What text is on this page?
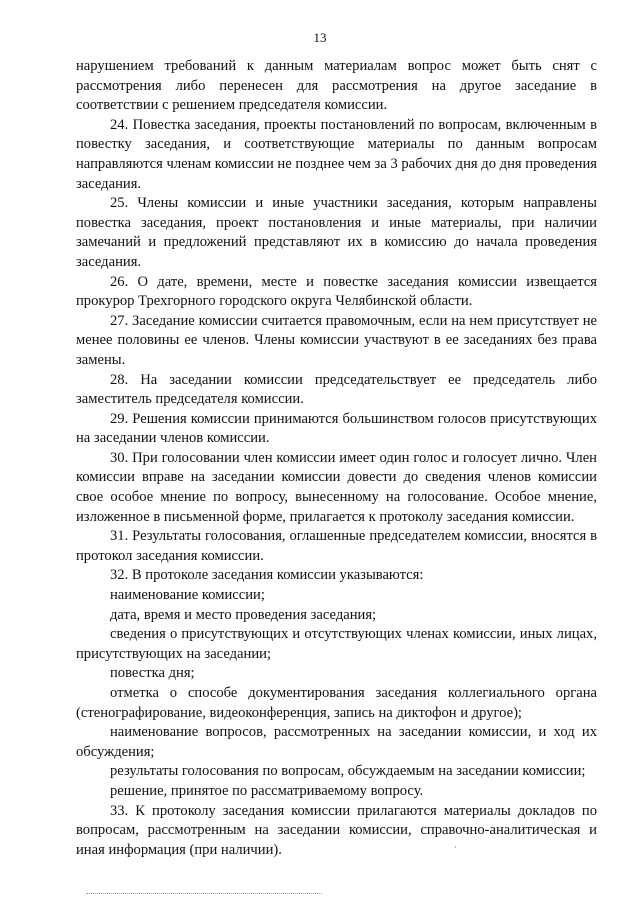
13

нарушением требований к данным материалам вопрос может быть снят с рассмотрения либо перенесен для рассмотрения на другое заседание в соответствии с решением председателя комиссии.

24. Повестка заседания, проекты постановлений по вопросам, включенным в повестку заседания, и соответствующие материалы по данным вопросам направляются членам комиссии не позднее чем за 3 рабочих дня до дня проведения заседания.

25. Члены комиссии и иные участники заседания, которым направлены повестка заседания, проект постановления и иные материалы, при наличии замечаний и предложений представляют их в комиссию до начала проведения заседания.

26. О дате, времени, месте и повестке заседания комиссии извещается прокурор Трехгорного городского округа Челябинской области.

27. Заседание комиссии считается правомочным, если на нем присутствует не менее половины ее членов. Члены комиссии участвуют в ее заседаниях без права замены.

28. На заседании комиссии председательствует ее председатель либо заместитель председателя комиссии.

29. Решения комиссии принимаются большинством голосов присутствующих на заседании членов комиссии.

30. При голосовании член комиссии имеет один голос и голосует лично. Член комиссии вправе на заседании комиссии довести до сведения членов комиссии свое особое мнение по вопросу, вынесенному на голосование. Особое мнение, изложенное в письменной форме, прилагается к протоколу заседания комиссии.

31. Результаты голосования, оглашенные председателем комиссии, вносятся в протокол заседания комиссии.

32. В протоколе заседания комиссии указываются:

наименование комиссии;

дата, время и место проведения заседания;

сведения о присутствующих и отсутствующих членах комиссии, иных лицах, присутствующих на заседании;

повестка дня;

отметка о способе документирования заседания коллегиального органа (стенографирование, видеоконференция, запись на диктофон и другое);

наименование вопросов, рассмотренных на заседании комиссии, и ход их обсуждения;

результаты голосования по вопросам, обсуждаемым на заседании комиссии;

решение, принятое по рассматриваемому вопросу.

33. К протоколу заседания комиссии прилагаются материалы докладов по вопросам, рассмотренным на заседании комиссии, справочно-аналитическая и иная информация (при наличии).
